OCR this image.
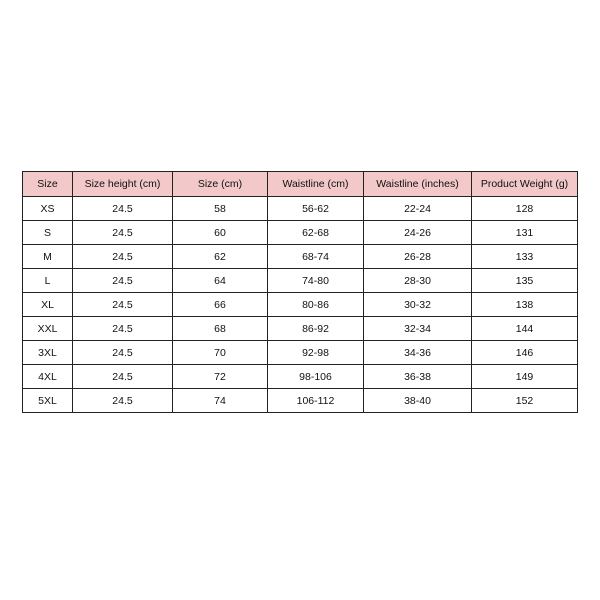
Size	Size height (cm)	Size (cm)	Waistline (cm)	Waistline (inches)	Product Weight (g)
XS	24.5	58	56-62	22-24	128
S	24.5	60	62-68	24-26	131
M	24.5	62	68-74	26-28	133
L	24.5	64	74-80	28-30	135
XL	24.5	66	80-86	30-32	138
XXL	24.5	68	86-92	32-34	144
3XL	24.5	70	92-98	34-36	146
4XL	24.5	72	98-106	36-38	149
5XL	24.5	74	106-112	38-40	152
